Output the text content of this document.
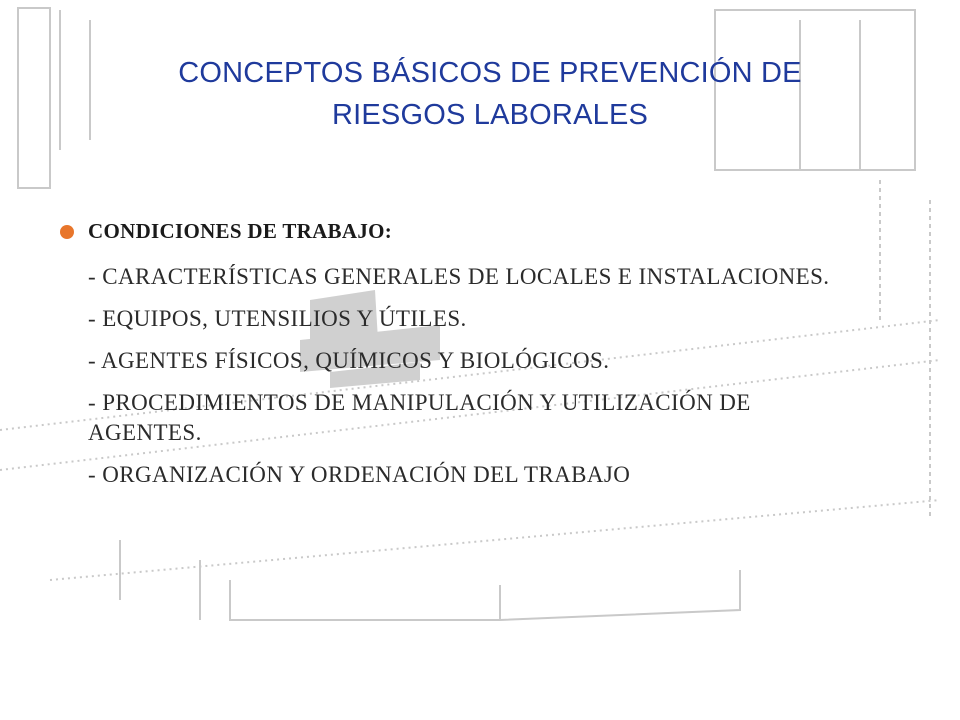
CONCEPTOS BÁSICOS DE PREVENCIÓN DE
RIESGOS LABORALES
CONDICIONES DE TRABAJO:
- CARACTERÍSTICAS GENERALES DE LOCALES E INSTALACIONES.
- EQUIPOS, UTENSILIOS Y ÚTILES.
- AGENTES FÍSICOS, QUÍMICOS Y BIOLÓGICOS.
- PROCEDIMIENTOS DE MANIPULACIÓN Y UTILIZACIÓN DE AGENTES.
- ORGANIZACIÓN Y ORDENACIÓN DEL TRABAJO
